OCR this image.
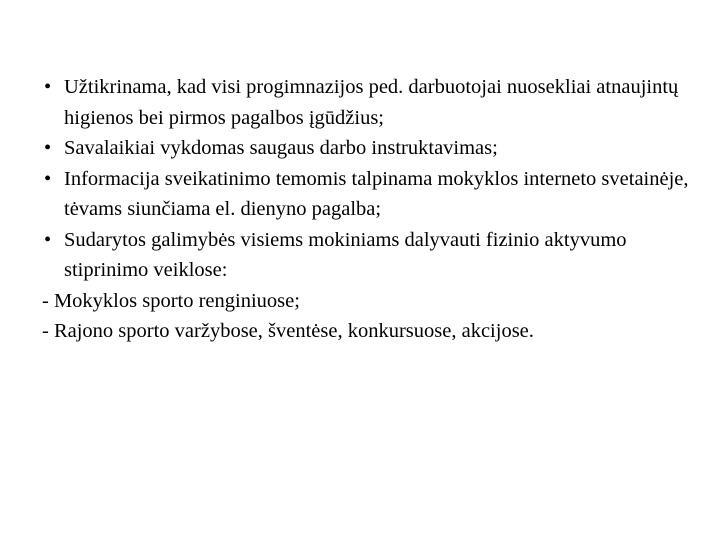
• Užtikrinama, kad visi progimnazijos ped. darbuotojai nuosekliai atnaujintų higienos bei pirmos pagalbos įgūdžius;
• Savalaikiai vykdomas saugaus darbo instruktavimas;
• Informacija sveikatinimo temomis talpinama mokyklos interneto svetainėje, tėvams siunčiama el. dienyno pagalba;
• Sudarytos galimybės visiems mokiniams dalyvauti fizinio aktyvumo stiprinimo veiklose:

- Mokyklos sporto renginiuose;

- Rajono sporto varžybose, šventėse, konkursuose, akcijose.
